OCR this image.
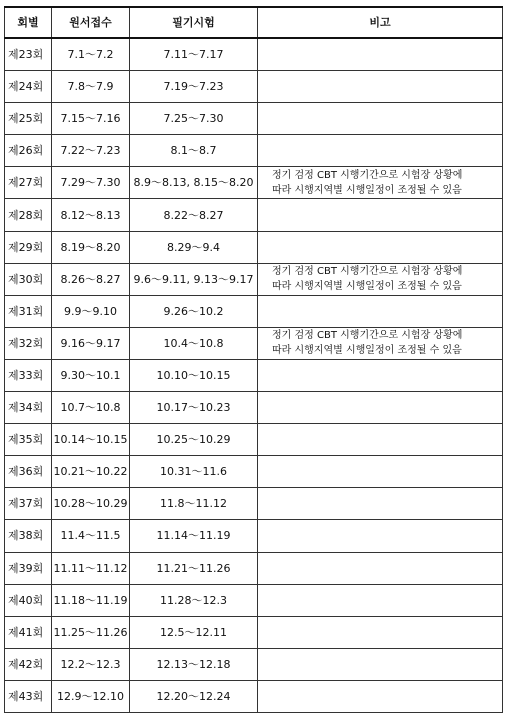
회별	원서접수	필기시험	비고
제23회	7.1～7.2	7.11～7.17	
제24회	7.8～7.9	7.19～7.23	
제25회	7.15～7.16	7.25～7.30	
제26회	7.22～7.23	8.1～8.7	
제27회	7.29～7.30	8.9～8.13, 8.15～8.20	정기 검정 CBT 시행기간으로 시험장 상황에
따라 시행지역별 시행일정이 조정될 수 있음

제28회	8.12～8.13	8.22～8.27	
제29회	8.19～8.20	8.29～9.4	
제30회	8.26～8.27	9.6～9.11, 9.13～9.17	정기 검정 CBT 시행기간으로 시험장 상황에
따라 시행지역별 시행일정이 조정될 수 있음

제31회	9.9～9.10	9.26～10.2	
제32회	9.16～9.17	10.4～10.8	정기 검정 CBT 시행기간으로 시험장 상황에
따라 시행지역별 시행일정이 조정될 수 있음

제33회	9.30～10.1	10.10～10.15	
제34회	10.7～10.8	10.17～10.23	
제35회	10.14～10.15	10.25～10.29	
제36회	10.21～10.22	10.31～11.6	
제37회	10.28～10.29	11.8～11.12	
제38회	11.4～11.5	11.14～11.19	
제39회	11.11～11.12	11.21～11.26	
제40회	11.18～11.19	11.28～12.3	
제41회	11.25～11.26	12.5～12.11	
제42회	12.2～12.3	12.13～12.18	
제43회	12.9～12.10	12.20～12.24	
